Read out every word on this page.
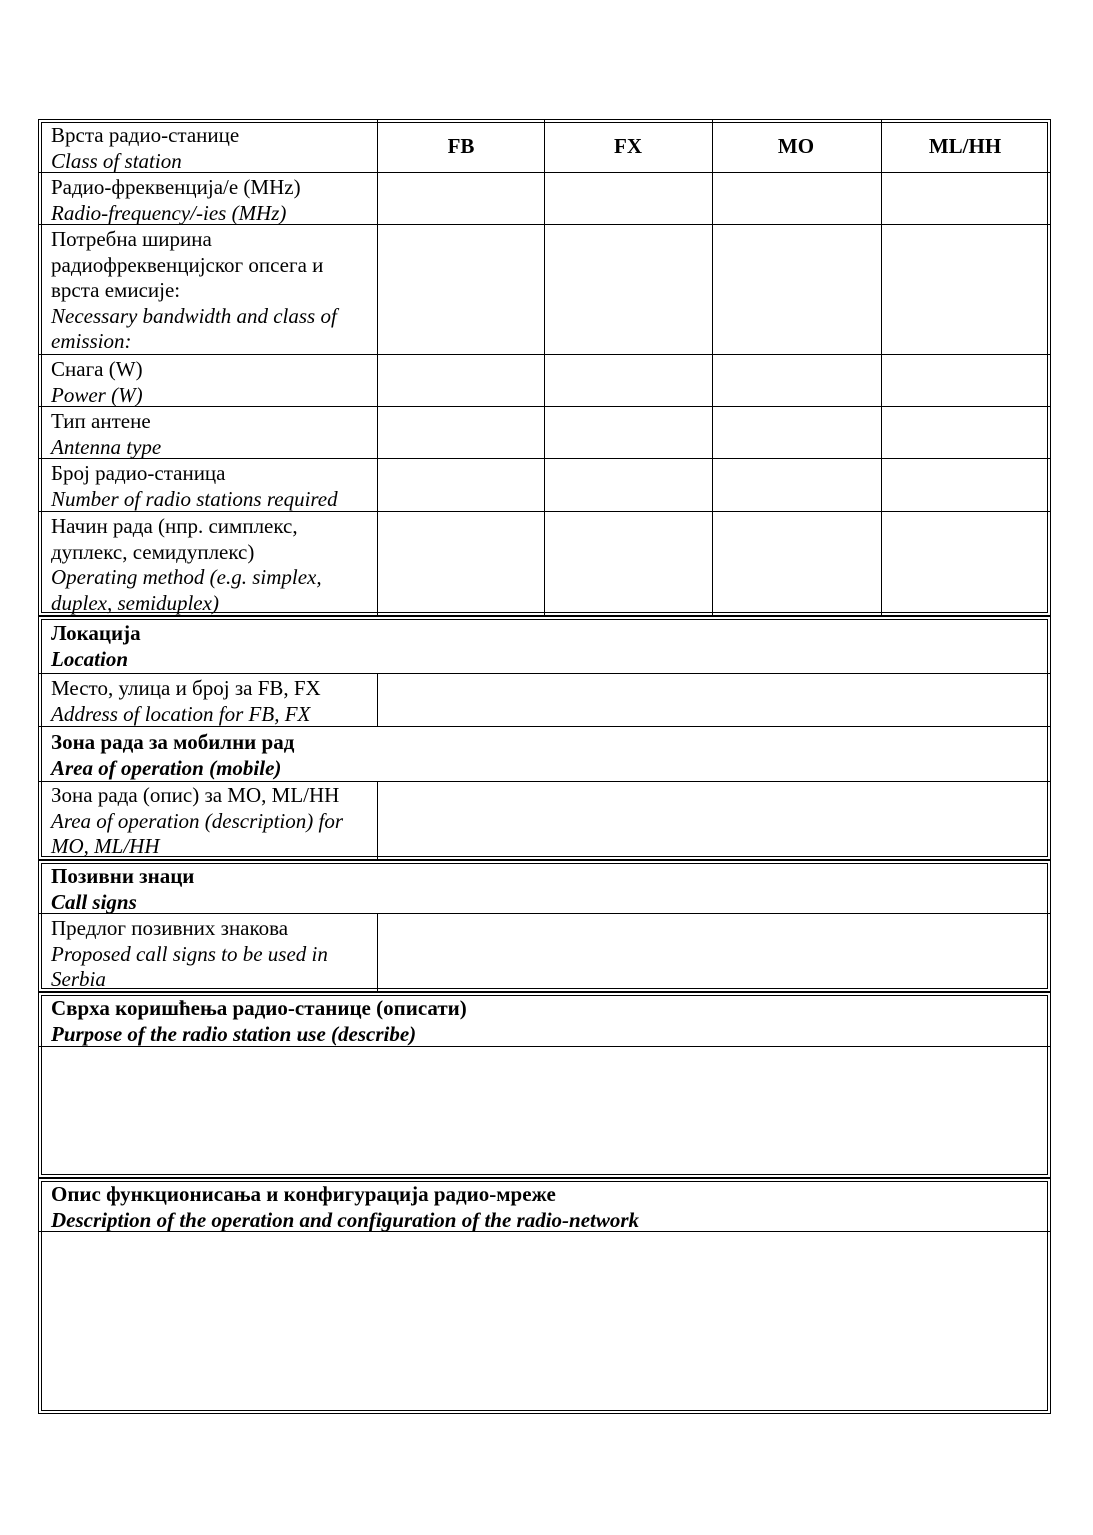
Врста радио-станице
Class of station
FB	FX	MO	ML/HH
Радио-фреквенција/е (MHz)
Radio-frequency/-ies (MHz)
Потребна ширина
радиофреквенцијског опсега и
врста емисије:
Necessary bandwidth and class of
emission:
Снага (W)
Power (W)
Тип антене
Antenna type
Број радио-станица
Number of radio stations required
Начин рада (нпр. симплекс,
дуплекс, семидуплекс)
Operating method (e.g. simplex,
duplex, semiduplex)
Локација
Location
Место, улица и број за FB, FX
Address of location for FB, FX
Зона рада за мобилни рад
Area of operation (mobile)
Зона рада (опис) за MO, ML/HH
Area of operation (description) for
MO, ML/HH
Позивни знаци
Call signs
Предлог позивних знакова
Proposed call signs to be used in
Serbia
Сврха коришћења радио-станице (описати)
Purpose of the radio station use (describe)
Опис функционисања и конфигурација радио-мреже
Description of the operation and configuration of the radio-network
